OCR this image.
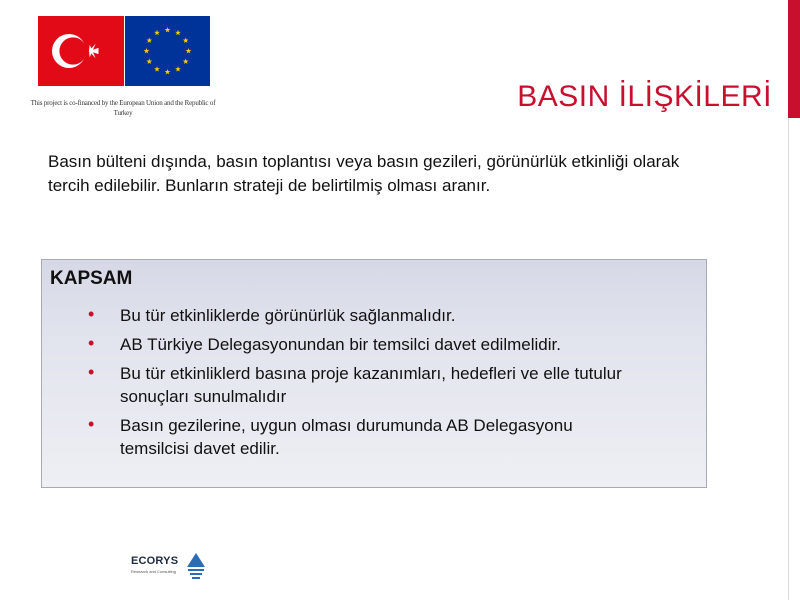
This project is co-financed by the European Union and the Republic of Turkey	BASIN İLİŞKİLERİ
Basın bülteni dışında, basın toplantısı veya basın gezileri, görünürlük etkinliği olarak tercih edilebilir. Bunların strateji de belirtilmiş olması aranır.
KAPSAM
• Bu tür etkinliklerde görünürlük sağlanmalıdır.
• AB Türkiye Delegasyonundan bir temsilci davet edilmelidir.
• Bu tür etkinliklerd basına proje kazanımları, hedefleri ve elle tutulur sonuçları sunulmalıdır
• Basın gezilerine, uygun olması durumunda AB Delegasyonu temsilcisi davet edilir.
ECORYS
Research and Consulting
